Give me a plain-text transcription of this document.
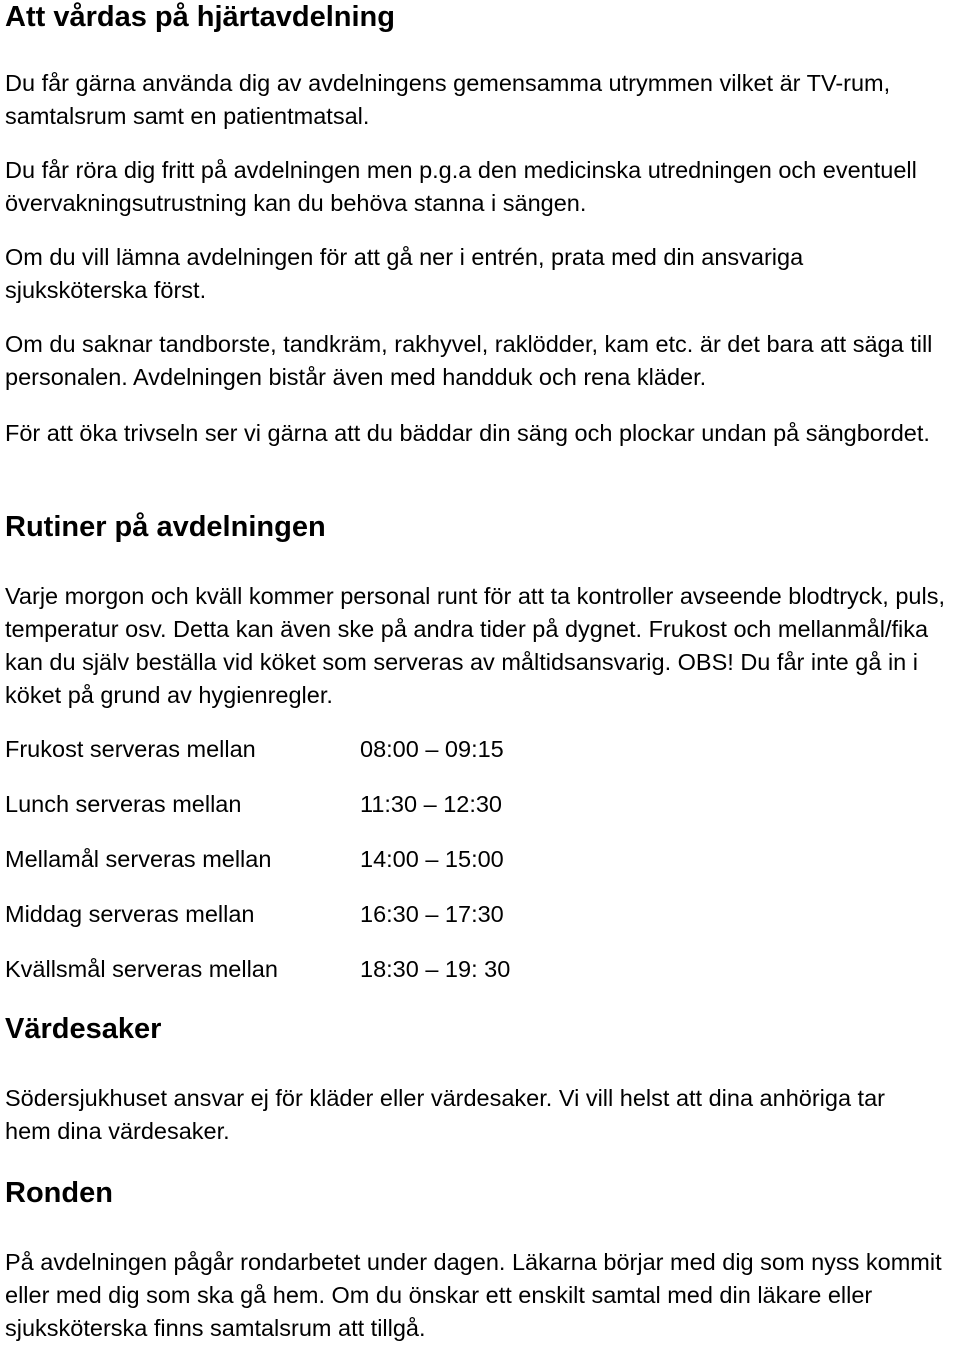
Att vårdas på hjärtavdelning

Du får gärna använda dig av avdelningens gemensamma utrymmen vilket är TV-rum, samtalsrum samt en patientmatsal.

Du får röra dig fritt på avdelningen men p.g.a den medicinska utredningen och eventuell övervakningsutrustning kan du behöva stanna i sängen.

Om du vill lämna avdelningen för att gå ner i entrén, prata med din ansvariga sjuksköterska först.

Om du saknar tandborste, tandkräm, rakhyvel, raklödder, kam etc. är det bara att säga till personalen. Avdelningen bistår även med handduk och rena kläder.

För att öka trivseln ser vi gärna att du bäddar din säng och plockar undan på sängbordet.

Rutiner på avdelningen

Varje morgon och kväll kommer personal runt för att ta kontroller avseende blodtryck, puls, temperatur osv. Detta kan även ske på andra tider på dygnet. Frukost och mellanmål/fika kan du själv beställa vid köket som serveras av måltidsansvarig. OBS! Du får inte gå in i köket på grund av hygienregler.

Frukost serveras mellan	08:00 – 09:15
Lunch serveras mellan	11:30 – 12:30
Mellamål serveras mellan	14:00 – 15:00
Middag serveras mellan	16:30 – 17:30
Kvällsmål serveras mellan	18:30 – 19: 30
Värdesaker

Södersjukhuset ansvar ej för kläder eller värdesaker. Vi vill helst att dina anhöriga tar hem dina värdesaker.

Ronden

På avdelningen pågår rondarbetet under dagen. Läkarna börjar med dig som nyss kommit eller med dig som ska gå hem. Om du önskar ett enskilt samtal med din läkare eller sjuksköterska finns samtalsrum att tillgå.
